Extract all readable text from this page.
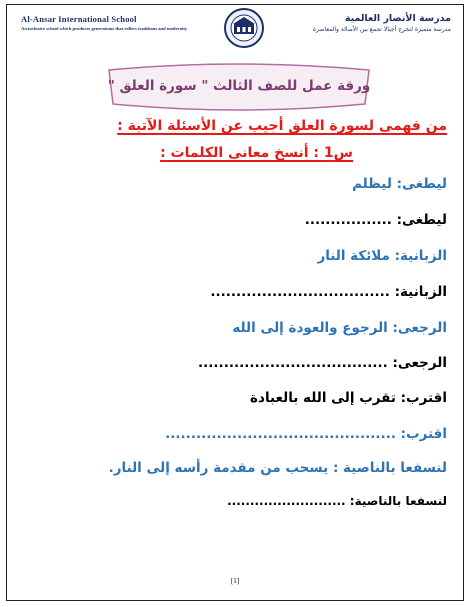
Al-Ansar International School
An inclusive school which produces generations that reflect traditions and modernity
مدرسة الأنصار العالمية
مدرسة متميزة لتخرج أجيالا تجمع بين الأصالة والمعاصرة
ورقة عمل للصف الثالث " سورة العلق "
من فهمى لسورة العلق أجيب عن الأسئلة الآتية :
س1 : أنسخ معانى الكلمات :
ليطغى: ليظلم
ليطغى: .................
الزبانية: ملائكة النار
الزبانية: ...................................
الرجعى: الرجوع والعودة إلى الله
الرجعى: .....................................
اقترب: تقرب إلى الله بالعبادة
اقترب: .............................................
لنسفعا بالناصية : يسحب من مقدمة رأسه إلى النار.
لنسفعا بالناصية: ..........................
[1]
